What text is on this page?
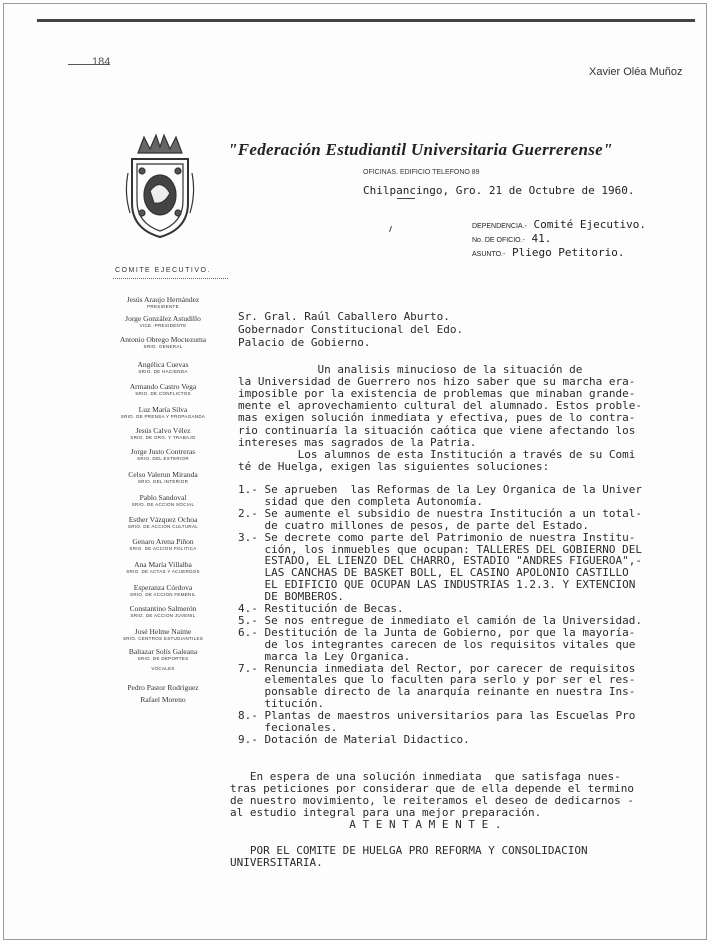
184
Xavier Oléa Muñoz
"Federación Estudiantil Universitaria Guerrerense"
OFICINAS. EDIFICIO TELEFONO 89
Chilpancingo, Gro. 21 de Octubre de 1960.
DEPENDENCIA.- Comité Ejecutivo.
No. DE OFICIO.- 41.
ASUNTO.- Pliego Petitorio.
COMITE EJECUTIVO.
Jesús Araujo Hernández
PRESIDENTE
Jorge González Astudillo
VICE.-PRESIDENTE
Antonio Obrego Moctezuma
SRIO. GENERAL
Angélica Cuevas
SRIO. DE HACIENDA
Armando Castro Vega
SRIO. DE CONFLICTOS
Luz María Silva
SRIO. DE PRENSA Y PROPAGANDA
Jesús Calvo Vélez
SRIO. DE ORG. Y TRABAJO
Jorge Justo Contreras
SRIO. DEL EXTERIOR
Celso Valerun Miranda
SRIO. DEL INTERIOR
Pablo Sandoval
SRIO. DE ACCION SOCIAL
Esther Vázquez Ochoa
SRIO. DE ACCION CULTURAL
Genaro Arena Piñon
SRIO. DE ACCION POLITICA
Ana María Villalba
SRIO. DE ACTAS Y ACUERDOS
Esperanza Córdova
SRIO. DE ACCION FEMENIL
Constantino Salmerón
SRIO. DE ACCION JUVENIL
José Helme Naime
SRIO. CENTROS ESTUDIANTILES
Baltazar Solís Galeana
SRIO. DE DEPORTES
VOCALES
Pedro Pastor Rodríguez
Rafael Moreno
Sr. Gral. Raúl Caballero Aburto.
Gobernador Constitucional del Edo.
Palacio de Gobierno.
Un analisis minucioso de la situación de
la Universidad de Guerrero nos hizo saber que su marcha era-
imposible por la existencia de problemas que minaban grande-
mente el aprovechamiento cultural del alumnado. Estos proble-
mas exigen solución inmediata y efectiva, pues de lo contra-
rio continuaría la situación caótica que viene afectando los
intereses mas sagrados de la Patria.
Los alumnos de esta Institución a través de su Comi
té de Huelga, exigen las siguientes soluciones:
1.- Se aprueben  las Reformas de la Ley Organica de la Univer
sidad que den completa Autonomía.
2.- Se aumente el subsidio de nuestra Institución a un total-
de cuatro millones de pesos, de parte del Estado.
3.- Se decrete como parte del Patrimonio de nuestra Institu-
ción, los inmuebles que ocupan: TALLERES DEL GOBIERNO DEL
ESTADO, EL LIENZO DEL CHARRO, ESTADIO "ANDRES FIGUEROA",-
LAS CANCHAS DE BASKET BOLL, EL CASINO APOLONIO CASTILLO
EL EDIFICIO QUE OCUPAN LAS INDUSTRIAS 1.2.3. Y EXTENCION
DE BOMBEROS.
4.- Restitución de Becas.
5.- Se nos entregue de inmediato el camión de la Universidad.
6.- Destitución de la Junta de Gobierno, por que la mayoría-
de los integrantes carecen de los requisitos vitales que
marca la Ley Organica.
7.- Renuncia inmediata del Rector, por carecer de requisitos
elementales que lo faculten para serlo y por ser el res-
ponsable directo de la anarquía reinante en nuestra Ins-
titución.
8.- Plantas de maestros universitarios para las Escuelas Pro
fecionales.
9.- Dotación de Material Didactico.
En espera de una solución inmediata  que satisfaga nues-
tras peticiones por considerar que de ella depende el termino
de nuestro movimiento, le reiteramos el deseo de dedicarnos -
al estudio integral para una mejor preparación.
A T E N T A M E N T E .
POR EL COMITE DE HUELGA PRO REFORMA Y CONSOLIDACION
UNIVERSITARIA.
